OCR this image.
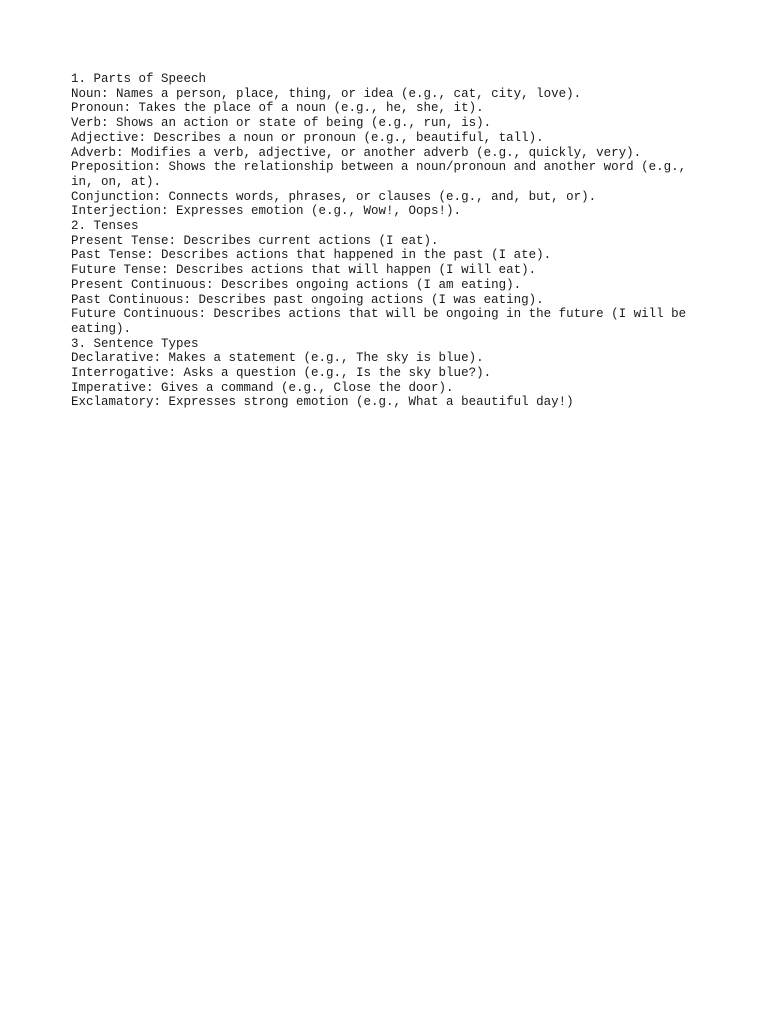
1. Parts of Speech

Noun: Names a person, place, thing, or idea (e.g., cat, city, love).

Pronoun: Takes the place of a noun (e.g., he, she, it).

Verb: Shows an action or state of being (e.g., run, is).

Adjective: Describes a noun or pronoun (e.g., beautiful, tall).

Adverb: Modifies a verb, adjective, or another adverb (e.g., quickly, very).

Preposition: Shows the relationship between a noun/pronoun and another word (e.g., in, on, at).

Conjunction: Connects words, phrases, or clauses (e.g., and, but, or).

Interjection: Expresses emotion (e.g., Wow!, Oops!).

2. Tenses

Present Tense: Describes current actions (I eat).

Past Tense: Describes actions that happened in the past (I ate).

Future Tense: Describes actions that will happen (I will eat).

Present Continuous: Describes ongoing actions (I am eating).

Past Continuous: Describes past ongoing actions (I was eating).

Future Continuous: Describes actions that will be ongoing in the future (I will be eating).

3. Sentence Types

Declarative: Makes a statement (e.g., The sky is blue).

Interrogative: Asks a question (e.g., Is the sky blue?).

Imperative: Gives a command (e.g., Close the door).

Exclamatory: Expresses strong emotion (e.g., What a beautiful day!)
